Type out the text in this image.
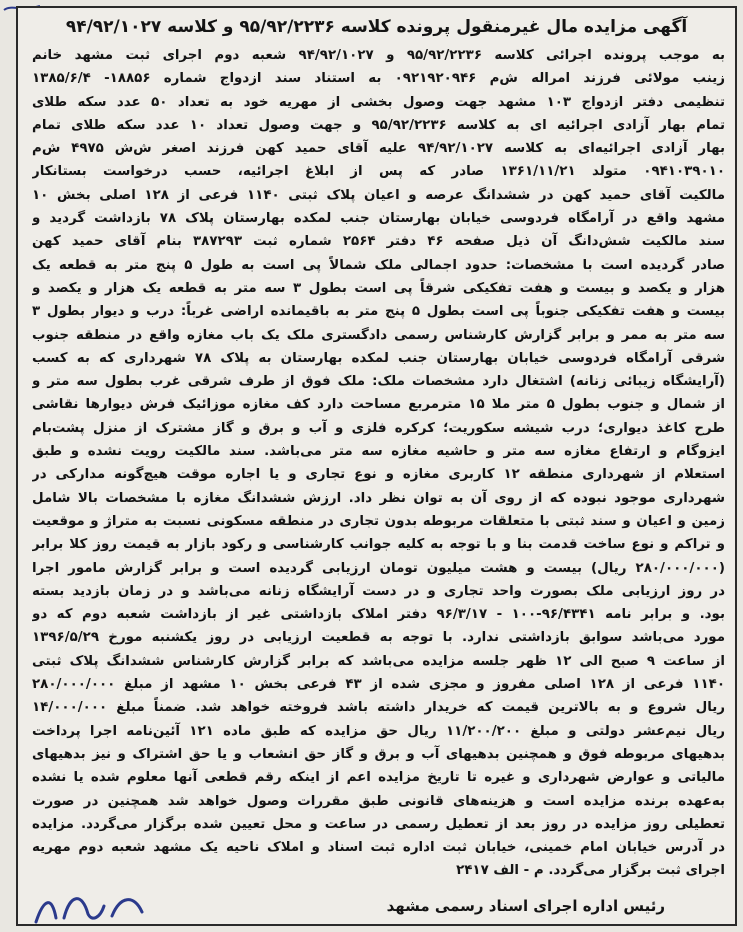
آگهی مزایده مال غیرمنقول پرونده کلاسه ۹۵/۹۲/۲۲۳۶ و کلاسه ۹۴/۹۲/۱۰۲۷

به موجب پرونده اجرائی کلاسه ۹۵/۹۲/۲۲۳۶ و ۹۴/۹۲/۱۰۲۷ شعبه دوم اجرای ثبت مشهد خانم

زینب مولائی فرزند امراله ش‌م ۰۹۲۱۹۲۰۹۴۶ به استناد سند ازدواج شماره ۱۸۸۵۶- ۱۳۸۵/۶/۴

تنظیمی دفتر ازدواج ۱۰۳ مشهد جهت وصول بخشی از مهریه خود به تعداد ۵۰ عدد سکه طلای

تمام بهار آزادی اجرائیه ای به کلاسه ۹۵/۹۲/۲۲۳۶ و جهت وصول تعداد ۱۰ عدد سکه طلای تمام

بهار آزادی اجرائیه‌ای به کلاسه ۹۴/۹۲/۱۰۲۷ علیه آقای حمید کهن فرزند اصغر ش‌ش ۴۹۷۵ ش‌م

۰۹۴۱۰۳۹۰۱۰ متولد ۱۳۶۱/۱۱/۲۱ صادر که پس از ابلاغ اجرائیه، حسب درخواست بستانکار

مالکیت آقای حمید کهن در ششدانگ عرصه و اعیان پلاک ثبتی ۱۱۴۰ فرعی از ۱۲۸ اصلی بخش ۱۰

مشهد واقع در آرامگاه فردوسی خیابان بهارستان جنب لمکده بهارستان پلاک ۷۸ بازداشت گردید و

سند مالکیت شش‌دانگ آن ذیل صفحه ۴۶ دفتر ۲۵۶۴ شماره ثبت ۳۸۷۲۹۳ بنام آقای حمید کهن

صادر گردیده است با مشخصات: حدود اجمالی ملک شمالاً پی است به طول ۵ پنج متر به قطعه یک

هزار و یکصد و بیست و هفت تفکیکی شرقاً پی است بطول ۳ سه متر به قطعه یک هزار و یکصد و

بیست و هفت تفکیکی جنوباً پی است بطول ۵ پنج متر به باقیمانده اراضی غرباً: درب و دیوار بطول ۳

سه متر به ممر و برابر گزارش کارشناس رسمی دادگستری ملک یک باب مغازه واقع در منطقه جنوب

شرقی آرامگاه فردوسی خیابان بهارستان جنب لمکده بهارستان به پلاک ۷۸ شهرداری که به کسب

(آرایشگاه زیبائی زنانه) اشتغال دارد مشخصات ملک: ملک فوق از طرف شرقی غرب بطول سه متر و

از شمال و جنوب بطول ۵ متر ملا ۱۵ مترمربع مساحت دارد کف مغازه موزائیک فرش دیوارها نقاشی

طرح کاغذ دیواری؛ درب شیشه سکوریت؛ کرکره فلزی و آب و برق و گاز مشترک از منزل پشت‌بام

ایزوگام و ارتفاع مغازه سه متر و حاشیه مغازه سه متر می‌باشد. سند مالکیت رویت نشده و طبق

استعلام از شهرداری منطقه ۱۲ کاربری مغازه و نوع تجاری و یا اجاره موقت هیچ‌گونه مدارکی در

شهرداری موجود نبوده که از روی آن به توان نظر داد. ارزش ششدانگ مغازه با مشخصات بالا شامل

زمین و اعیان و سند ثبتی با متعلقات مربوطه بدون تجاری در منطقه مسکونی نسبت به متراژ و موقعیت

و تراکم و نوع ساخت قدمت بنا و با توجه به کلیه جوانب کارشناسی و رکود بازار به قیمت روز کلا برابر

(۲۸۰/۰۰۰/۰۰۰ ریال) بیست و هشت میلیون تومان ارزیابی گردیده است و برابر گزارش مامور اجرا

در روز ارزیابی ملک بصورت واحد تجاری و در دست آرایشگاه زنانه می‌باشد و در زمان بازدید بسته

بود. و برابر نامه ۹۶/۴۳۴۱-۱۰۰ - ۹۶/۳/۱۷ دفتر املاک بازداشتی غیر از بازداشت شعبه دوم که دو

مورد می‌باشد سوابق بازداشتی ندارد. با توجه به قطعیت ارزیابی در روز یکشنبه مورخ ۱۳۹۶/۵/۲۹

از ساعت ۹ صبح الی ۱۲ ظهر جلسه مزایده می‌باشد که برابر گزارش کارشناس ششدانگ پلاک ثبتی

۱۱۴۰ فرعی از ۱۲۸ اصلی مفروز و مجزی شده از ۴۳ فرعی بخش ۱۰ مشهد از مبلغ ۲۸۰/۰۰۰/۰۰۰

ریال شروع و به بالاترین قیمت که خریدار داشته باشد فروخته خواهد شد. ضمناً مبلغ ۱۴/۰۰۰/۰۰۰

ریال نیم‌عشر دولتی و مبلغ ۱۱/۲۰۰/۲۰۰ ریال حق مزایده که طبق ماده ۱۲۱ آئین‌نامه اجرا پرداخت

بدهیهای مربوطه فوق و همچنین بدهیهای آب و برق و گاز حق انشعاب و یا حق اشتراک و نیز بدهیهای

مالیاتی و عوارض شهرداری و غیره تا تاریخ مزایده اعم از اینکه رقم قطعی آنها معلوم شده یا نشده

به‌عهده برنده مزایده است و هزینه‌های قانونی طبق مقررات وصول خواهد شد همچنین در صورت

تعطیلی روز مزایده در روز بعد از تعطیل رسمی در ساعت و محل تعیین شده برگزار می‌گردد. مزایده

در آدرس خیابان امام خمینی، خیابان ثبت اداره ثبت اسناد و املاک ناحیه یک مشهد شعبه دوم مهریه

اجرای ثبت برگزار می‌گردد. م - الف ۲۴۱۷

رئیس اداره اجرای اسناد رسمی مشهد
